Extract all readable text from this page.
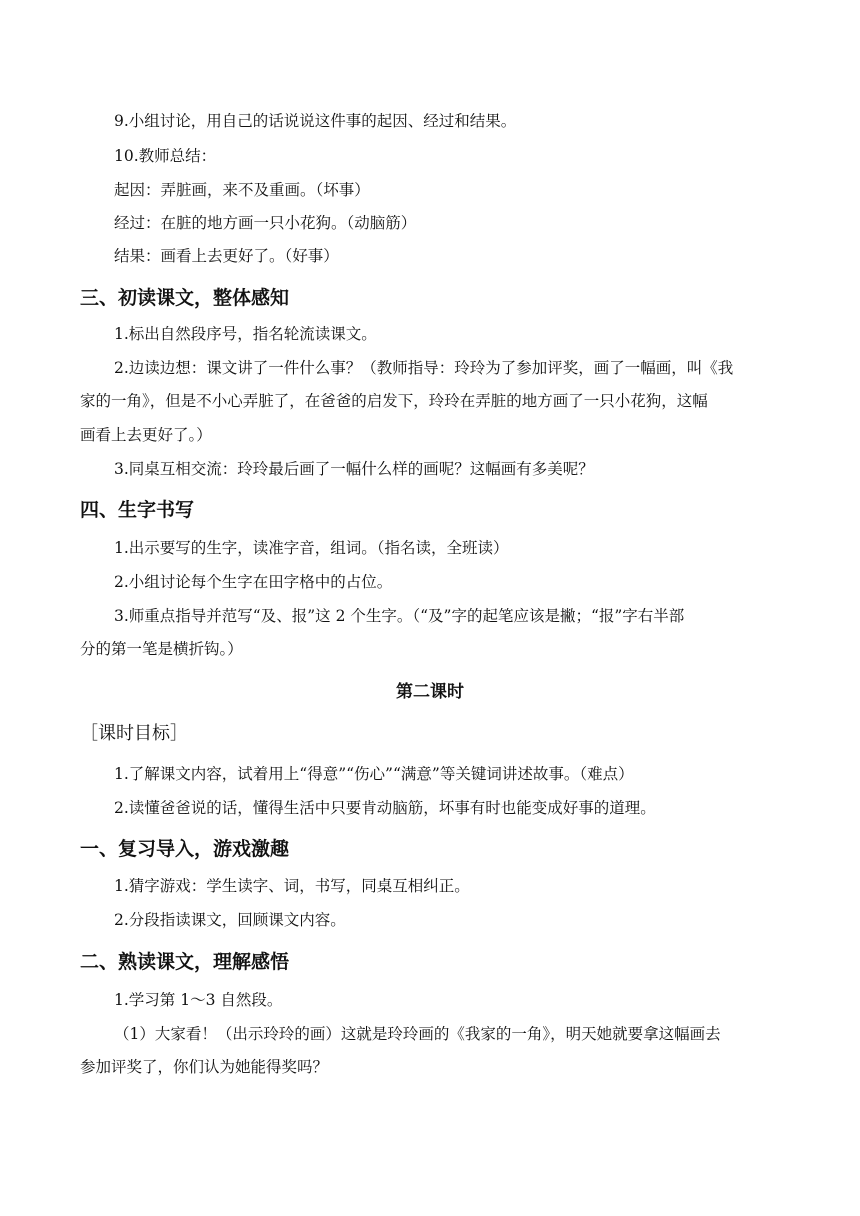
9.小组讨论，用自己的话说说这件事的起因、经过和结果。
10.教师总结：
起因：弄脏画，来不及重画。（坏事）
经过：在脏的地方画一只小花狗。（动脑筋）
结果：画看上去更好了。（好事）
三、初读课文，整体感知
1.标出自然段序号，指名轮流读课文。
2.边读边想：课文讲了一件什么事？（教师指导：玲玲为了参加评奖，画了一幅画，叫《我
家的一角》，但是不小心弄脏了，在爸爸的启发下，玲玲在弄脏的地方画了一只小花狗，这幅
画看上去更好了。）
3.同桌互相交流：玲玲最后画了一幅什么样的画呢？这幅画有多美呢？
四、生字书写
1.出示要写的生字，读准字音，组词。（指名读，全班读）
2.小组讨论每个生字在田字格中的占位。
3.师重点指导并范写“及、报”这 2 个生字。（“及”字的起笔应该是撇；“报”字右半部
分的第一笔是横折钩。）
第二课时
［课时目标］
1.了解课文内容，试着用上“得意”“伤心”“满意”等关键词讲述故事。（难点）
2.读懂爸爸说的话，懂得生活中只要肯动脑筋，坏事有时也能变成好事的道理。
一、复习导入，游戏激趣
1.猜字游戏：学生读字、词，书写，同桌互相纠正。
2.分段指读课文，回顾课文内容。
二、熟读课文，理解感悟
1.学习第 1～3 自然段。
（1）大家看！（出示玲玲的画）这就是玲玲画的《我家的一角》，明天她就要拿这幅画去
参加评奖了，你们认为她能得奖吗？
